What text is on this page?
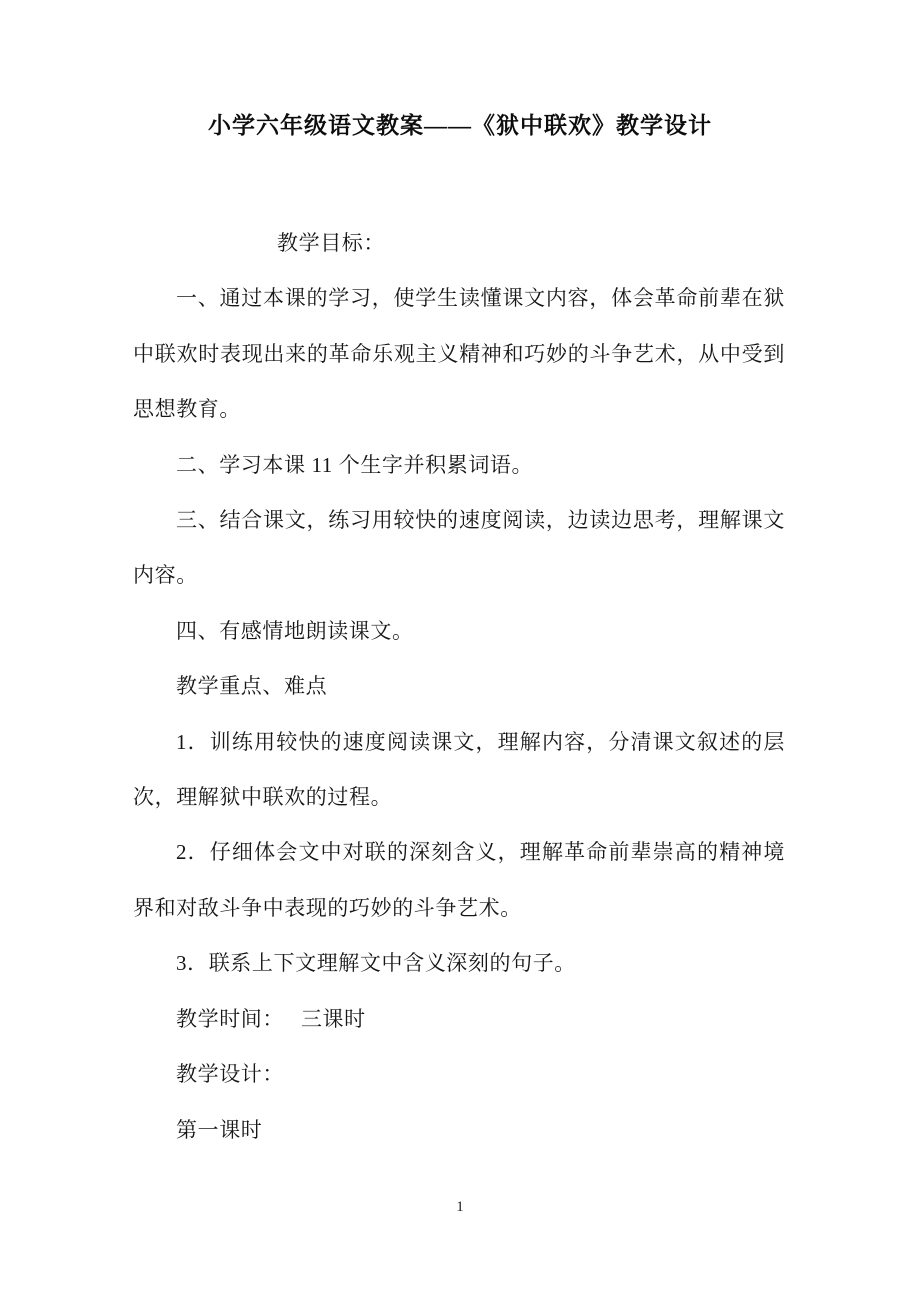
小学六年级语文教案——《狱中联欢》教学设计

教学目标：

一、通过本课的学习，使学生读懂课文内容，体会革命前辈在狱中联欢时表现出来的革命乐观主义精神和巧妙的斗争艺术，从中受到思想教育。

二、学习本课 11 个生字并积累词语。

三、结合课文，练习用较快的速度阅读，边读边思考，理解课文内容。

四、有感情地朗读课文。

教学重点、难点

1．训练用较快的速度阅读课文，理解内容，分清课文叙述的层次，理解狱中联欢的过程。

2．仔细体会文中对联的深刻含义，理解革命前辈崇高的精神境界和对敌斗争中表现的巧妙的斗争艺术。

3．联系上下文理解文中含义深刻的句子。

教学时间：　 三课时

教学设计：

第一课时

1
